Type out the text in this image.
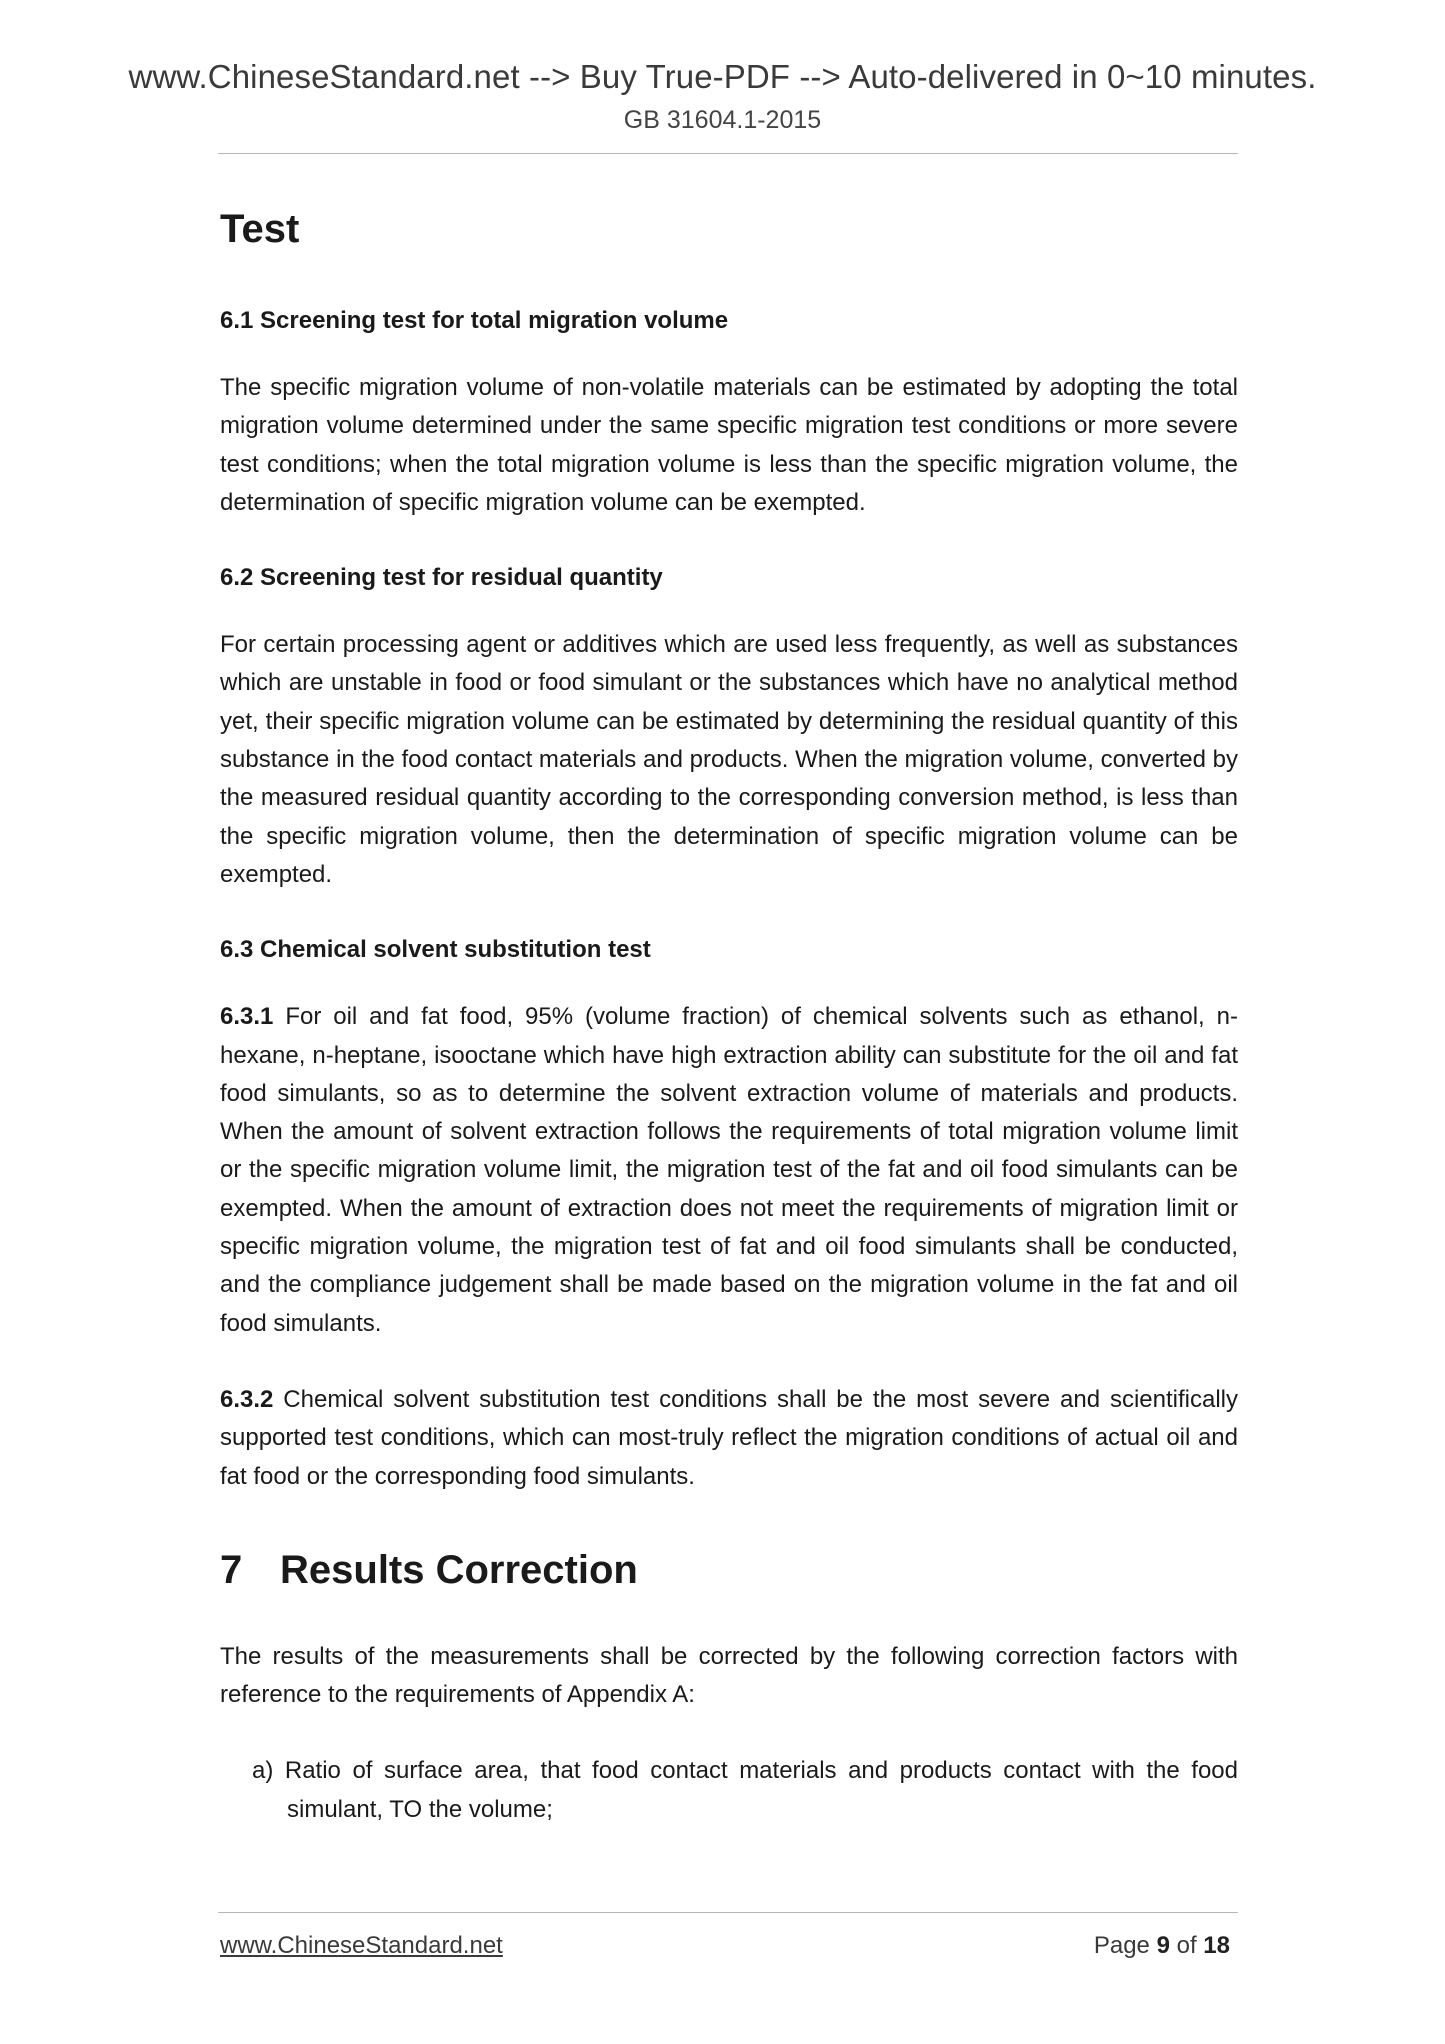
www.ChineseStandard.net --> Buy True-PDF --> Auto-delivered in 0~10 minutes.
GB 31604.1-2015
Test
6.1 Screening test for total migration volume

The specific migration volume of non-volatile materials can be estimated by adopting the total migration volume determined under the same specific migration test conditions or more severe test conditions; when the total migration volume is less than the specific migration volume, the determination of specific migration volume can be exempted.

6.2 Screening test for residual quantity

For certain processing agent or additives which are used less frequently, as well as substances which are unstable in food or food simulant or the substances which have no analytical method yet, their specific migration volume can be estimated by determining the residual quantity of this substance in the food contact materials and products. When the migration volume, converted by the measured residual quantity according to the corresponding conversion method, is less than the specific migration volume, then the determination of specific migration volume can be exempted.

6.3 Chemical solvent substitution test

6.3.1 For oil and fat food, 95% (volume fraction) of chemical solvents such as ethanol, n-hexane, n-heptane, isooctane which have high extraction ability can substitute for the oil and fat food simulants, so as to determine the solvent extraction volume of materials and products. When the amount of solvent extraction follows the requirements of total migration volume limit or the specific migration volume limit, the migration test of the fat and oil food simulants can be exempted. When the amount of extraction does not meet the requirements of migration limit or specific migration volume, the migration test of fat and oil food simulants shall be conducted, and the compliance judgement shall be made based on the migration volume in the fat and oil food simulants.

6.3.2 Chemical solvent substitution test conditions shall be the most severe and scientifically supported test conditions, which can most-truly reflect the migration conditions of actual oil and fat food or the corresponding food simulants.

7 Results Correction

The results of the measurements shall be corrected by the following correction factors with reference to the requirements of Appendix A:

a) Ratio of surface area, that food contact materials and products contact with the food simulant, TO the volume;
www.ChineseStandard.net	Page 9 of 18
